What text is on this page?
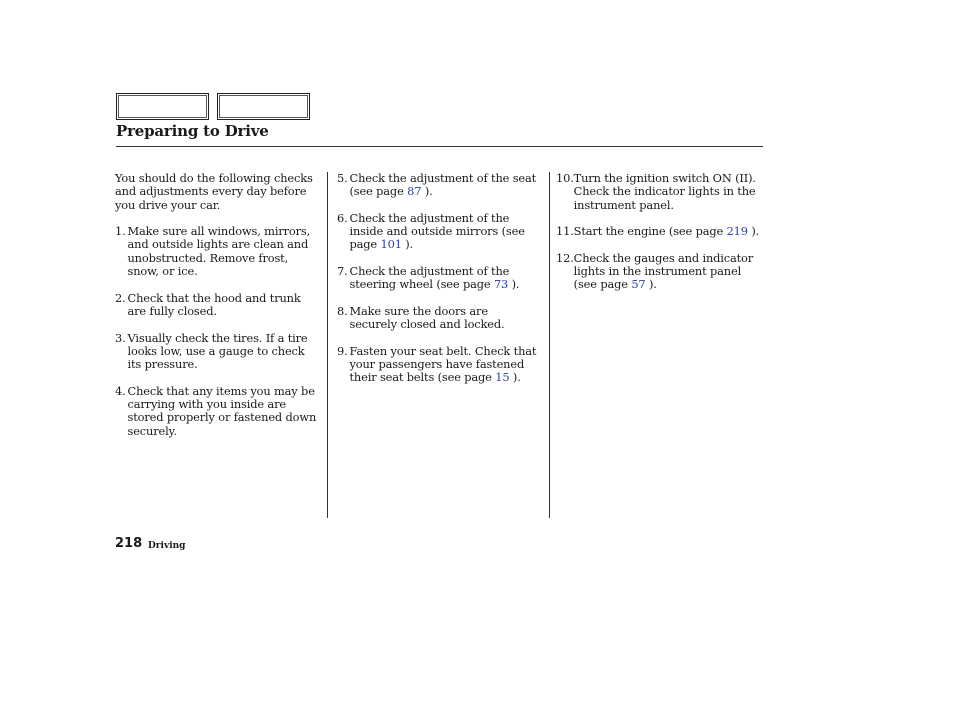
Preparing to Drive

You should do the following checks and adjustments every day before you drive your car.

1. Make sure all windows, mirrors, and outside lights are clean and unobstructed. Remove frost, snow, or ice.
2. Check that the hood and trunk are fully closed.
3. Visually check the tires. If a tire looks low, use a gauge to check its pressure.
4. Check that any items you may be carrying with you inside are stored properly or fastened down securely.
5. Check the adjustment of the seat (see page 87 ).
6. Check the adjustment of the inside and outside mirrors (see page 101 ).
7. Check the adjustment of the steering wheel (see page 73 ).
8. Make sure the doors are securely closed and locked.
9. Fasten your seat belt. Check that your passengers have fastened their seat belts (see page 15 ).
10. Turn the ignition switch ON (II). Check the indicator lights in the instrument panel.
11. Start the engine (see page 219 ).
12. Check the gauges and indicator lights in the instrument panel (see page 57 ).
218 Driving
